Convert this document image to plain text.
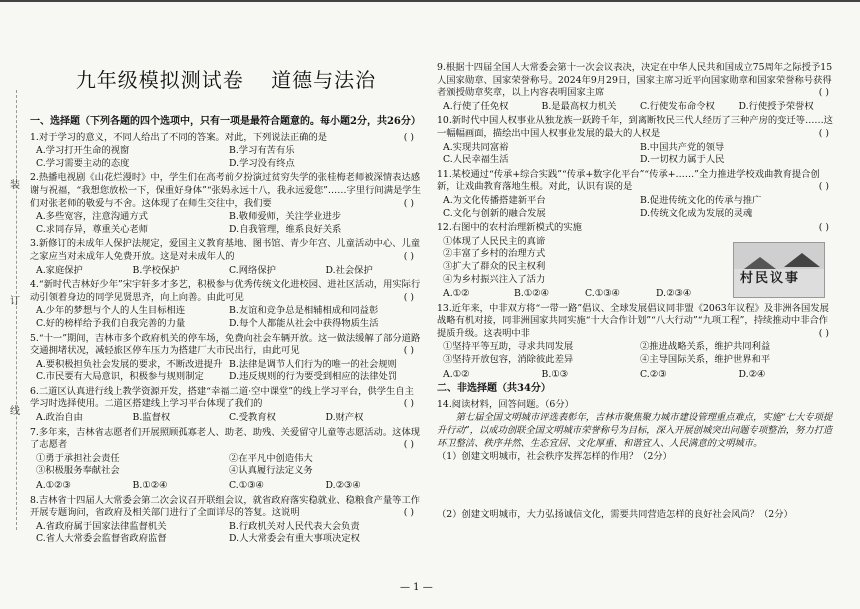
装
订
线
九年级模拟测试卷 道德与法治
一、选择题（下列各题的四个选项中，只有一项是最符合题意的。每小题2分，共26分）
1.对于学习的意义，不同人给出了不同的答案。对此，下列说法正确的是	( )
A.学习打开生命的视窗	B.学习有苦有乐
C.学习需要主动的态度	D.学习没有终点
2.热播电视剧《山花烂漫时》中，学生们在高考前夕扮演过贫穷失学的张桂梅老师被深情表达感谢与祝福，“我想您放松一下，保重好身体”“张妈永远十八，我永远爱您”……字里行间满是学生们对张老师的敬爱与不舍。这体现了在师生交往中，我们要	( )
A.多些宽容，注意沟通方式	B.敬师爱师，关注学业进步
C.求同存异，尊重关心老师	D.自我管理，维系良好关系
3.新修订的未成年人保护法规定，爱国主义教育基地、图书馆、青少年宫、儿童活动中心、儿童之家应当对未成年人免费开放。这是对未成年人的	( )
A.家庭保护	B.学校保护	C.网络保护	D.社会保护
4.“新时代吉林好少年”宋宇轩多才多艺，积极参与优秀传统文化进校园、进社区活动，用实际行动引领着身边的同学见贤思齐，向上向善。由此可见	( )
A.少年的梦想与个人的人生目标相连	B.友谊和竞争总是相辅相成和同益彰
C.好的榜样给予我们自我完善的力量	D.每个人都能从社会中获得物质生活
5.“十一”期间，吉林市多个政府机关的停车场，免费向社会车辆开放。这一做法缓解了部分道路交通拥堵状况，减轻旅区停车压力为搭建厂大市民出行，由此可见	( )
A.要积极担负社会发展的要求，不断改进提升 B.法律是调节人们行为的唯一的社会规则
C.市民要有大局意识，积极参与规则制定	D.违反规则的行为要受到相应的法律处罚
6.二道区认真进行线上教学资源开发，搭建“幸福二道·空中课堂”的线上学习平台，供学生自主学习时选择使用。二道区搭建线上学习平台体现了我们的	( )
A.政治自由	B.监督权	C.受教育权	D.财产权
7.多年来，吉林省志愿者们开展照顾孤寡老人、助老、助残、关爱留守儿童等志愿活动。这体现了志愿者	( )
①勇于承担社会责任	②在平凡中创造伟大
③积极服务奉献社会	④认真履行法定义务
A.①②③	B.①②④	C.①③④	D.②③④
8.吉林省十四届人大常委会第二次会议召开联组会议，就省政府落实稳就业、稳粮食产量等工作开展专题询问，省政府及相关部门进行了全面详尽的答复。这说明	( )
A.省政府属于国家法律监督机关	B.行政机关对人民代表大会负责
C.省人大常委会监督省政府监督	D.人大常委会有重大事项决定权
9.根据十四届全国人大常委会第十一次会议表决，决定在中华人民共和国成立75周年之际授予15人国家勋章、国家荣誉称号。2024年9月29日，国家主席习近平向国家勋章和国家荣誉称号获得者颁授勋章奖章，以上内容表明国家主席	( )
A.行使了任免权	B.是最高权力机关	C.行使发布命令权	D.行使授予荣誉权
10.新时代中国人权事业从独龙族一跃跨千年，到离断牧民三代人经历了三种产房的变迁等……这一幅幅画面，描绘出中国人权事业发展的最大的人权是	( )
A.实现共同富裕	B.中国共产党的领导
C.人民幸福生活	D.一切权力属于人民
11.某校通过“传承+综合实践”“传承+数字化平台”“传承+……”全力推进学校戏曲教育提合创新，让戏曲教育落地生根。对此，认识有误的是	( )
A.为文化传播搭建新平台	B.促进传统文化的传承与推广
C.文化与创新的融合发展	D.传统文化成为发展的灵魂
12.右图中的农村治理新模式的实施	( )
村民议事
①体现了人民民主的真谛
②丰富了乡村的治理方式
③扩大了群众的民主权利
④为乡村振兴注入了活力
A.①②	B.①②④	C.①③④	D.②③④
13.近年来，中非双方将“一带一路”倡议、全球发展倡议同非盟《2063年议程》及非洲各国发展战略有机对接，同非洲国家共同实施“十大合作计划”“八大行动”“九项工程”，持续推动中非合作提质升级。这表明中非	( )
①坚持平等互助，寻求共同发展	②推进战略关系，维护共同利益
③坚持开放包容，消除彼此差异	④主导国际关系，维护世界和平
A.①②	B.①③	C.②③	D.②④
二、非选择题（共34分）
14.阅读材料，回答问题。（6分）
第七届全国文明城市评选表彰年，吉林市聚焦聚力城市建设管理重点难点，实施“七大专项提升行动”，以成功创联全国文明城市荣誉称号为目标，深入开展创城突出问题专项整治，努力打造环卫整洁、秩序井然、生态宜居、文化厚重、和谐宜人、人民满意的文明城市。
（1）创建文明城市，社会秩序发挥怎样的作用？（2分）
（2）创建文明城市，大力弘扬诚信文化，需要共同营造怎样的良好社会风尚？（2分）
— 1 —
